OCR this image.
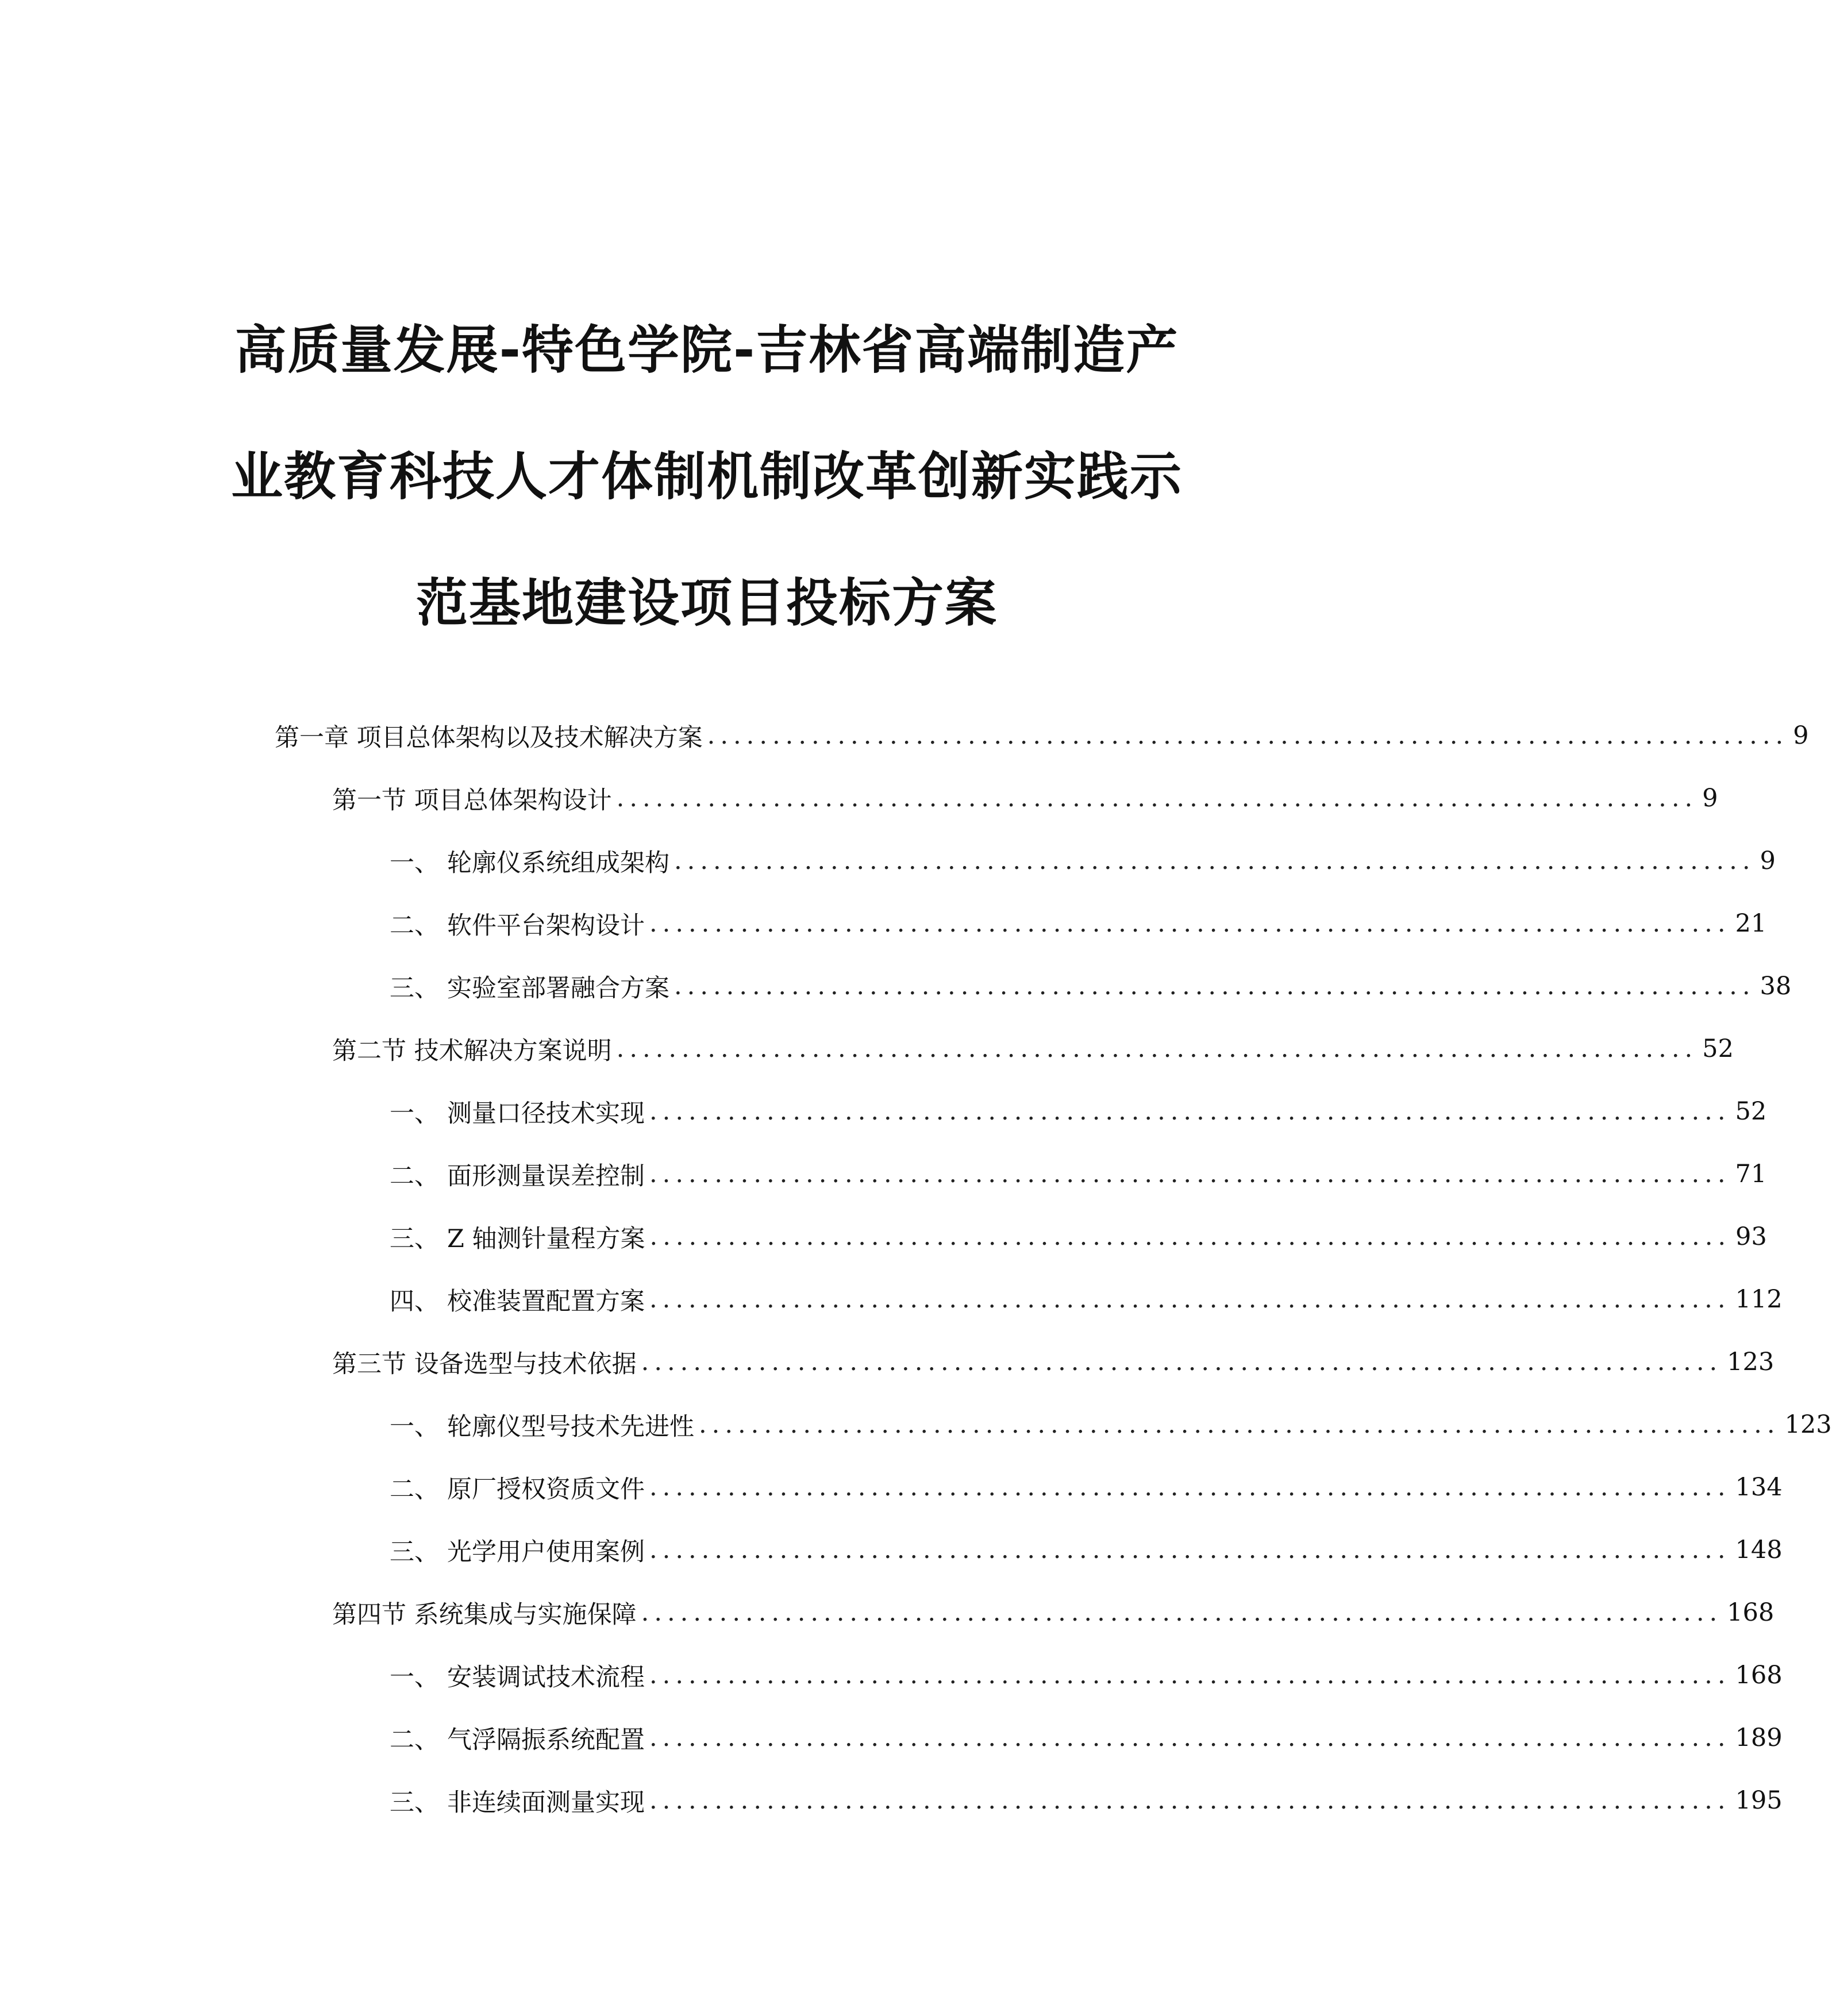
高质量发展-特色学院-吉林省高端制造产
业教育科技人才体制机制改革创新实践示
范基地建设项目投标方案
第一章 项目总体架构以及技术解决方案 ................................................................................... 9
第一节 项目总体架构设计 ................................................................................... 9
一、 轮廓仪系统组成架构 ................................................................................... 9
二、 软件平台架构设计 ................................................................................... 21
三、 实验室部署融合方案 ................................................................................... 38
第二节 技术解决方案说明 ................................................................................... 52
一、 测量口径技术实现 ................................................................................... 52
二、 面形测量误差控制 ................................................................................... 71
三、 Z 轴测针量程方案 ................................................................................... 93
四、 校准装置配置方案 ................................................................................... 112
第三节 设备选型与技术依据 ................................................................................... 123
一、 轮廓仪型号技术先进性 ................................................................................... 123
二、 原厂授权资质文件 ................................................................................... 134
三、 光学用户使用案例 ................................................................................... 148
第四节 系统集成与实施保障 ................................................................................... 168
一、 安装调试技术流程 ................................................................................... 168
二、 气浮隔振系统配置 ................................................................................... 189
三、 非连续面测量实现 ................................................................................... 195
